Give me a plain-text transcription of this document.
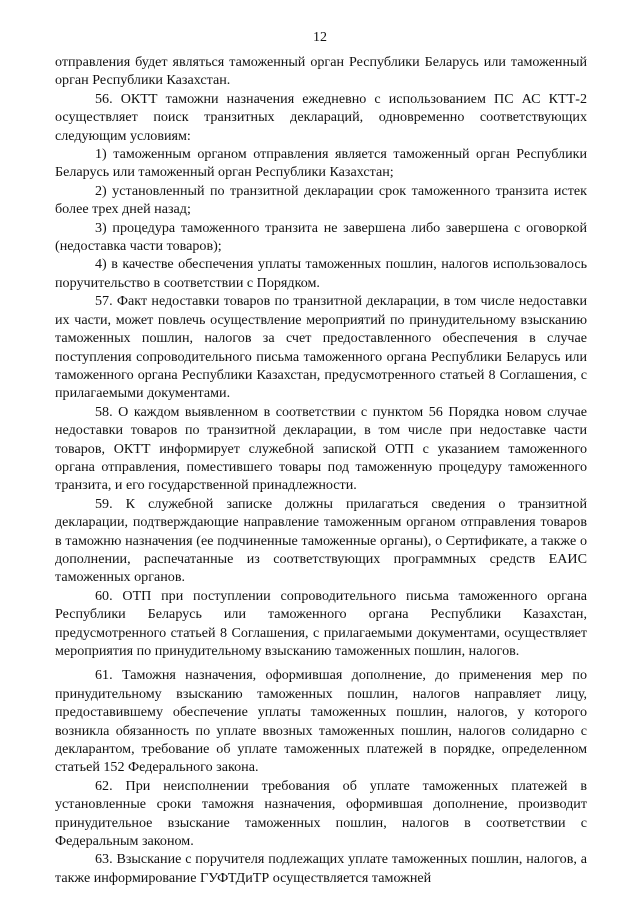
12

отправления будет являться таможенный орган Республики Беларусь или таможенный орган Республики Казахстан.

56. ОКТТ таможни назначения ежедневно с использованием ПС АС КТТ-2 осуществляет поиск транзитных деклараций, одновременно соответствующих следующим условиям:

1) таможенным органом отправления является таможенный орган Республики Беларусь или таможенный орган Республики Казахстан;

2) установленный по транзитной декларации срок таможенного транзита истек более трех дней назад;

3) процедура таможенного транзита не завершена либо завершена с оговоркой (недоставка части товаров);

4) в качестве обеспечения уплаты таможенных пошлин, налогов использовалось поручительство в соответствии с Порядком.

57. Факт недоставки товаров по транзитной декларации, в том числе недоставки их части, может повлечь осуществление мероприятий по принудительному взысканию таможенных пошлин, налогов за счет предоставленного обеспечения в случае поступления сопроводительного письма таможенного органа Республики Беларусь или таможенного органа Республики Казахстан, предусмотренного статьей 8 Соглашения, с прилагаемыми документами.

58. О каждом выявленном в соответствии с пунктом 56 Порядка новом случае недоставки товаров по транзитной декларации, в том числе при недоставке части товаров, ОКТТ информирует служебной запиской ОТП с указанием таможенного органа отправления, поместившего товары под таможенную процедуру таможенного транзита, и его государственной принадлежности.

59. К служебной записке должны прилагаться сведения о транзитной декларации, подтверждающие направление таможенным органом отправления товаров в таможню назначения (ее подчиненные таможенные органы), о Сертификате, а также о дополнении, распечатанные из соответствующих программных средств ЕАИС таможенных органов.

60. ОТП при поступлении сопроводительного письма таможенного органа Республики Беларусь или таможенного органа Республики Казахстан, предусмотренного статьей 8 Соглашения, с прилагаемыми документами, осуществляет мероприятия по принудительному взысканию таможенных пошлин, налогов.

61. Таможня назначения, оформившая дополнение, до применения мер по принудительному взысканию таможенных пошлин, налогов направляет лицу, предоставившему обеспечение уплаты таможенных пошлин, налогов, у которого возникла обязанность по уплате ввозных таможенных пошлин, налогов солидарно с декларантом, требование об уплате таможенных платежей в порядке, определенном статьей 152 Федерального закона.

62. При неисполнении требования об уплате таможенных платежей в установленные сроки таможня назначения, оформившая дополнение, производит принудительное взыскание таможенных пошлин, налогов в соответствии с Федеральным законом.

63. Взыскание с поручителя подлежащих уплате таможенных пошлин, налогов, а также информирование ГУФТДиТР осуществляется таможней
